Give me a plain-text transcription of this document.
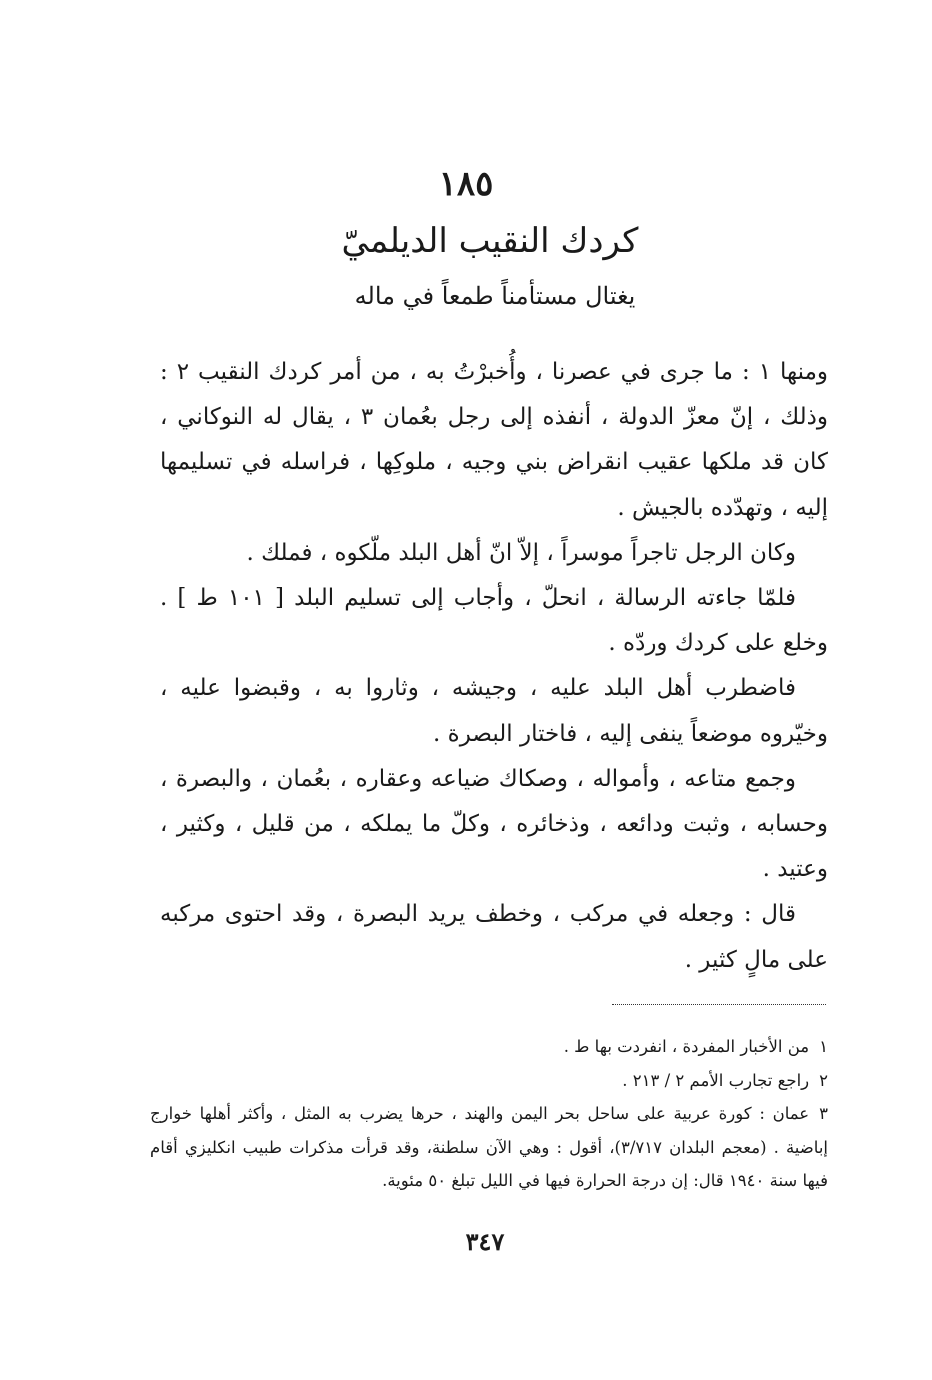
١٨٥
كردك النقيب الديلميّ
يغتال مستأمناً طمعاً في ماله

ومنها ١ : ما جرى في عصرنا ، وأُخبرْتُ به ، من أمر كردك النقيب ٢ : وذلك ، إنّ معزّ الدولة ، أنفذه إلى رجل بعُمان ٣ ، يقال له النوكاني ، كان قد ملكها عقيب انقراض بني وجيه ، ملوكِها ، فراسله في تسليمها إليه ، وتهدّده بالجيش .

وكان الرجل تاجراً موسراً ، إلاّ انّ أهل البلد ملّكوه ، فملك .

فلمّا جاءته الرسالة ، انحلّ ، وأجاب إلى تسليم البلد [ ١٠١ ط ] . وخلع على كردك وردّه .

فاضطرب أهل البلد عليه ، وجيشه ، وثاروا به ، وقبضوا عليه ، وخيّروه موضعاً ينفى إليه ، فاختار البصرة .

وجمع متاعه ، وأمواله ، وصكاك ضياعه وعقاره ، بعُمان ، والبصرة ، وحسابه ، وثبت ودائعه ، وذخائره ، وكلّ ما يملكه ، من قليل ، وكثير ، وعتيد .

قال : وجعله في مركب ، وخطف يريد البصرة ، وقد احتوى مركبه على مالٍ كثير .

١من الأخبار المفردة ، انفردت بها ط .

٢راجع تجارب الأمم ٢ / ٢١٣ .

٣عمان : كورة عربية على ساحل بحر اليمن والهند ، حرها يضرب به المثل ، وأكثر أهلها خوارج إباضية . (معجم البلدان ٣/٧١٧)، أقول : وهي الآن سلطنة، وقد قرأت مذكرات طبيب انكليزي أقام فيها سنة ١٩٤٠ قال: إن درجة الحرارة فيها في الليل تبلغ ٥٠ مئوية.

٣٤٧
